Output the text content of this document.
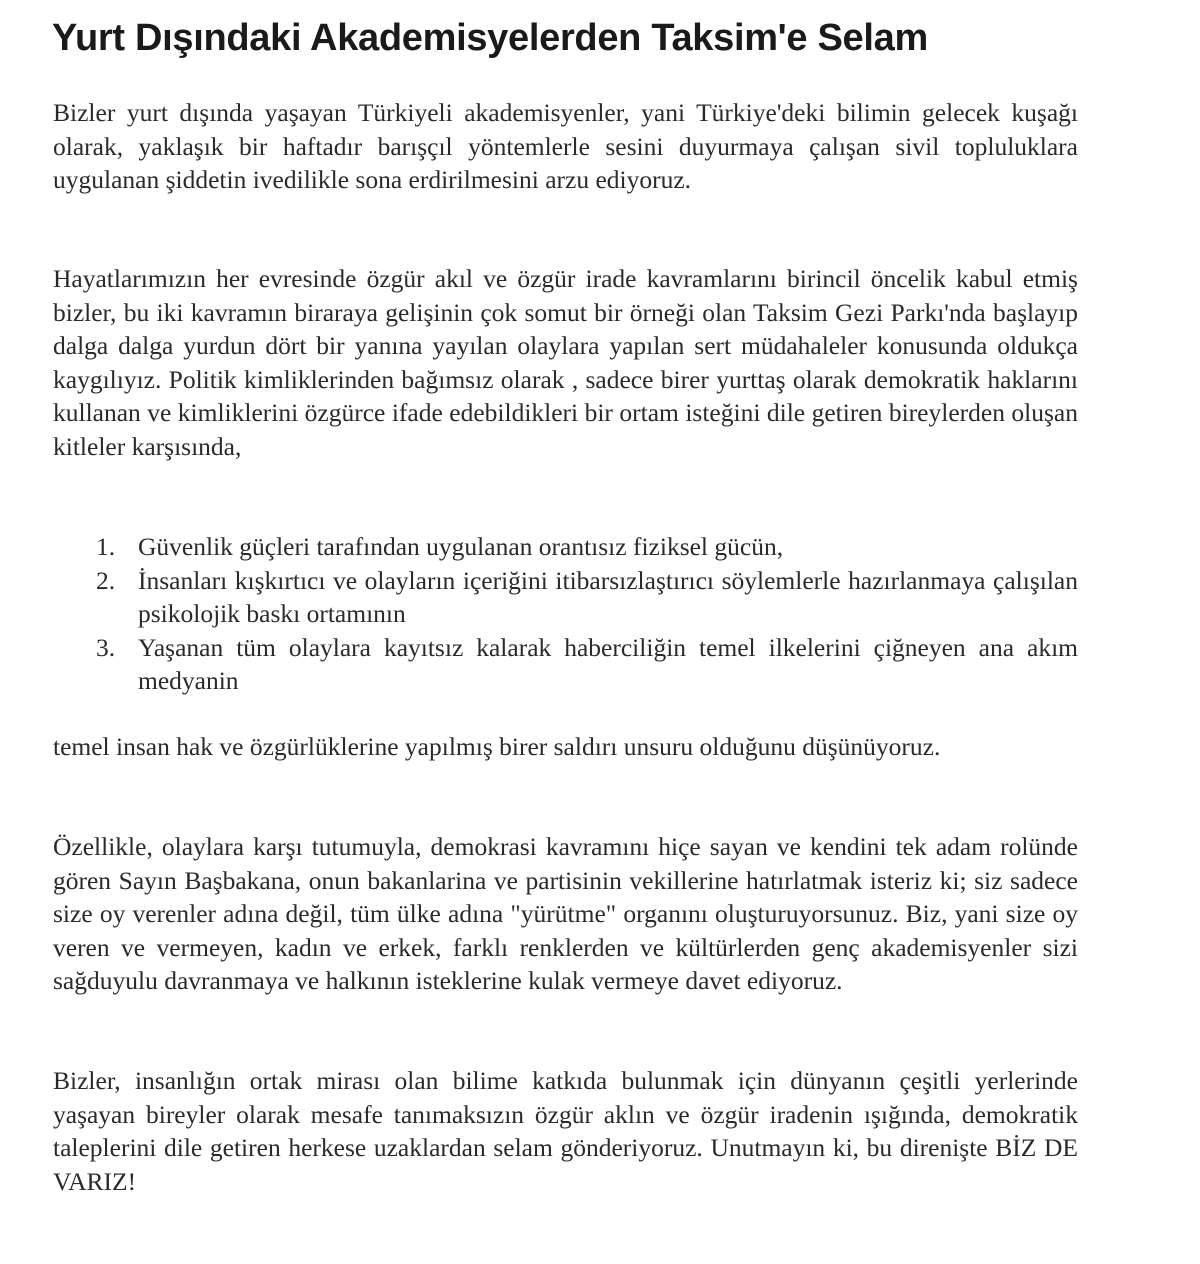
Yurt Dışındaki Akademisyelerden Taksim'e Selam

Bizler yurt dışında yaşayan Türkiyeli akademisyenler, yani Türkiye'deki bilimin gelecek kuşağı olarak, yaklaşık bir haftadır barışçıl yöntemlerle sesini duyurmaya çalışan sivil topluluklara uygulanan şiddetin ivedilikle sona erdirilmesini arzu ediyoruz.

Hayatlarımızın her evresinde özgür akıl ve özgür irade kavramlarını birincil öncelik kabul etmiş bizler, bu iki kavramın biraraya gelişinin çok somut bir örneği olan Taksim Gezi Parkı'nda başlayıp dalga dalga yurdun dört bir yanına yayılan olaylara yapılan sert müdahaleler konusunda oldukça kaygılıyız. Politik kimliklerinden bağımsız olarak , sadece birer yurttaş olarak demokratik haklarını kullanan ve kimliklerini özgürce ifade edebildikleri bir ortam isteğini dile getiren bireylerden oluşan kitleler karşısında,

1. Güvenlik güçleri tarafından uygulanan orantısız fiziksel gücün,
2. İnsanları kışkırtıcı ve olayların içeriğini itibarsızlaştırıcı söylemlerle hazırlanmaya çalışılan psikolojik baskı ortamının
3. Yaşanan tüm olaylara kayıtsız kalarak haberciliğin temel ilkelerini çiğneyen ana akım medyanin

temel insan hak ve özgürlüklerine yapılmış birer saldırı unsuru olduğunu düşünüyoruz.

Özellikle, olaylara karşı tutumuyla, demokrasi kavramını hiçe sayan ve kendini tek adam rolünde gören Sayın Başbakana, onun bakanlarina ve partisinin vekillerine hatırlatmak isteriz ki; siz sadece size oy verenler adına değil, tüm ülke adına "yürütme" organını oluşturuyorsunuz. Biz, yani size oy veren ve vermeyen, kadın ve erkek, farklı renklerden ve kültürlerden genç akademisyenler sizi sağduyulu davranmaya ve halkının isteklerine kulak vermeye davet ediyoruz.

Bizler, insanlığın ortak mirası olan bilime katkıda bulunmak için dünyanın çeşitli yerlerinde yaşayan bireyler olarak mesafe tanımaksızın özgür aklın ve özgür iradenin ışığında, demokratik taleplerini dile getiren herkese uzaklardan selam gönderiyoruz. Unutmayın ki, bu direnişte BİZ DE VARIZ!
